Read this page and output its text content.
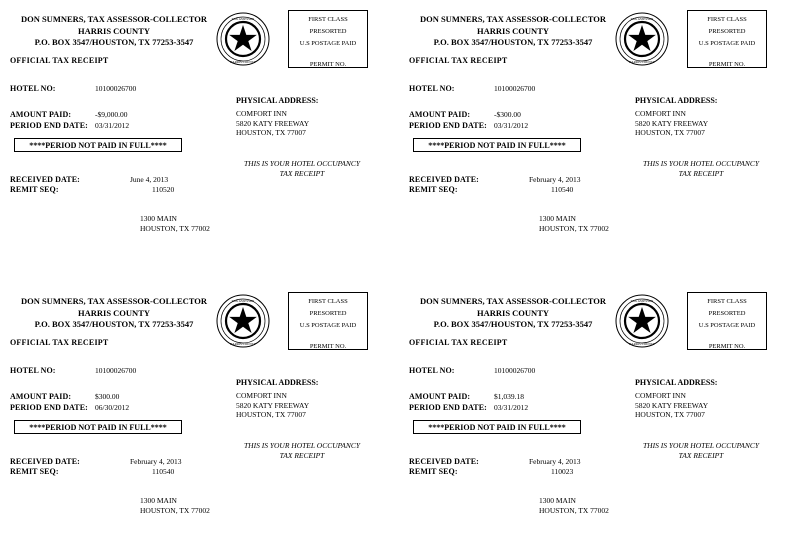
DON SUMNERS, TAX ASSESSOR-COLLECTOR
HARRIS COUNTY
P.O. BOX 3547/HOUSTON, TX 77253-3547
TAX ASSESSOR
HARRIS COUNTY
FIRST CLASS
PRESORTED
U.S POSTAGE PAID
PERMIT NO.
OFFICIAL TAX RECEIPT
HOTEL NO:	10100026700
AMOUNT PAID:	-$9,000.00
PERIOD END DATE: 03/31/2012
****PERIOD NOT PAID IN FULL****
RECEIVED DATE:	June 4, 2013
REMIT SEQ:	110520
PHYSICAL ADDRESS:
COMFORT INN
5820 KATY FREEWAY
HOUSTON, TX 77007
THIS IS YOUR HOTEL OCCUPANCY
TAX RECEIPT
1300 MAIN
HOUSTON, TX 77002
DON SUMNERS, TAX ASSESSOR-COLLECTOR
HARRIS COUNTY
P.O. BOX 3547/HOUSTON, TX 77253-3547
TAX ASSESSOR
HARRIS COUNTY
FIRST CLASS
PRESORTED
U.S POSTAGE PAID
PERMIT NO.
OFFICIAL TAX RECEIPT
HOTEL NO:	10100026700
AMOUNT PAID:	-$300.00
PERIOD END DATE: 03/31/2012
****PERIOD NOT PAID IN FULL****
RECEIVED DATE:	February 4, 2013
REMIT SEQ:	110540
PHYSICAL ADDRESS:
COMFORT INN
5820 KATY FREEWAY
HOUSTON, TX 77007
THIS IS YOUR HOTEL OCCUPANCY
TAX RECEIPT
1300 MAIN
HOUSTON, TX 77002
DON SUMNERS, TAX ASSESSOR-COLLECTOR
HARRIS COUNTY
P.O. BOX 3547/HOUSTON, TX 77253-3547
TAX ASSESSOR
HARRIS COUNTY
FIRST CLASS
PRESORTED
U.S POSTAGE PAID
PERMIT NO.
OFFICIAL TAX RECEIPT
HOTEL NO:	10100026700
AMOUNT PAID:	$300.00
PERIOD END DATE: 06/30/2012
****PERIOD NOT PAID IN FULL****
RECEIVED DATE:	February 4, 2013
REMIT SEQ:	110540
PHYSICAL ADDRESS:
COMFORT INN
5820 KATY FREEWAY
HOUSTON, TX 77007
THIS IS YOUR HOTEL OCCUPANCY
TAX RECEIPT
1300 MAIN
HOUSTON, TX 77002
DON SUMNERS, TAX ASSESSOR-COLLECTOR
HARRIS COUNTY
P.O. BOX 3547/HOUSTON, TX 77253-3547
TAX ASSESSOR
HARRIS COUNTY
FIRST CLASS
PRESORTED
U.S POSTAGE PAID
PERMIT NO.
OFFICIAL TAX RECEIPT
HOTEL NO:	10100026700
AMOUNT PAID:	$1,039.18
PERIOD END DATE: 03/31/2012
****PERIOD NOT PAID IN FULL****
RECEIVED DATE:	February 4, 2013
REMIT SEQ:	110023
PHYSICAL ADDRESS:
COMFORT INN
5820 KATY FREEWAY
HOUSTON, TX 77007
THIS IS YOUR HOTEL OCCUPANCY
TAX RECEIPT
1300 MAIN
HOUSTON, TX 77002
